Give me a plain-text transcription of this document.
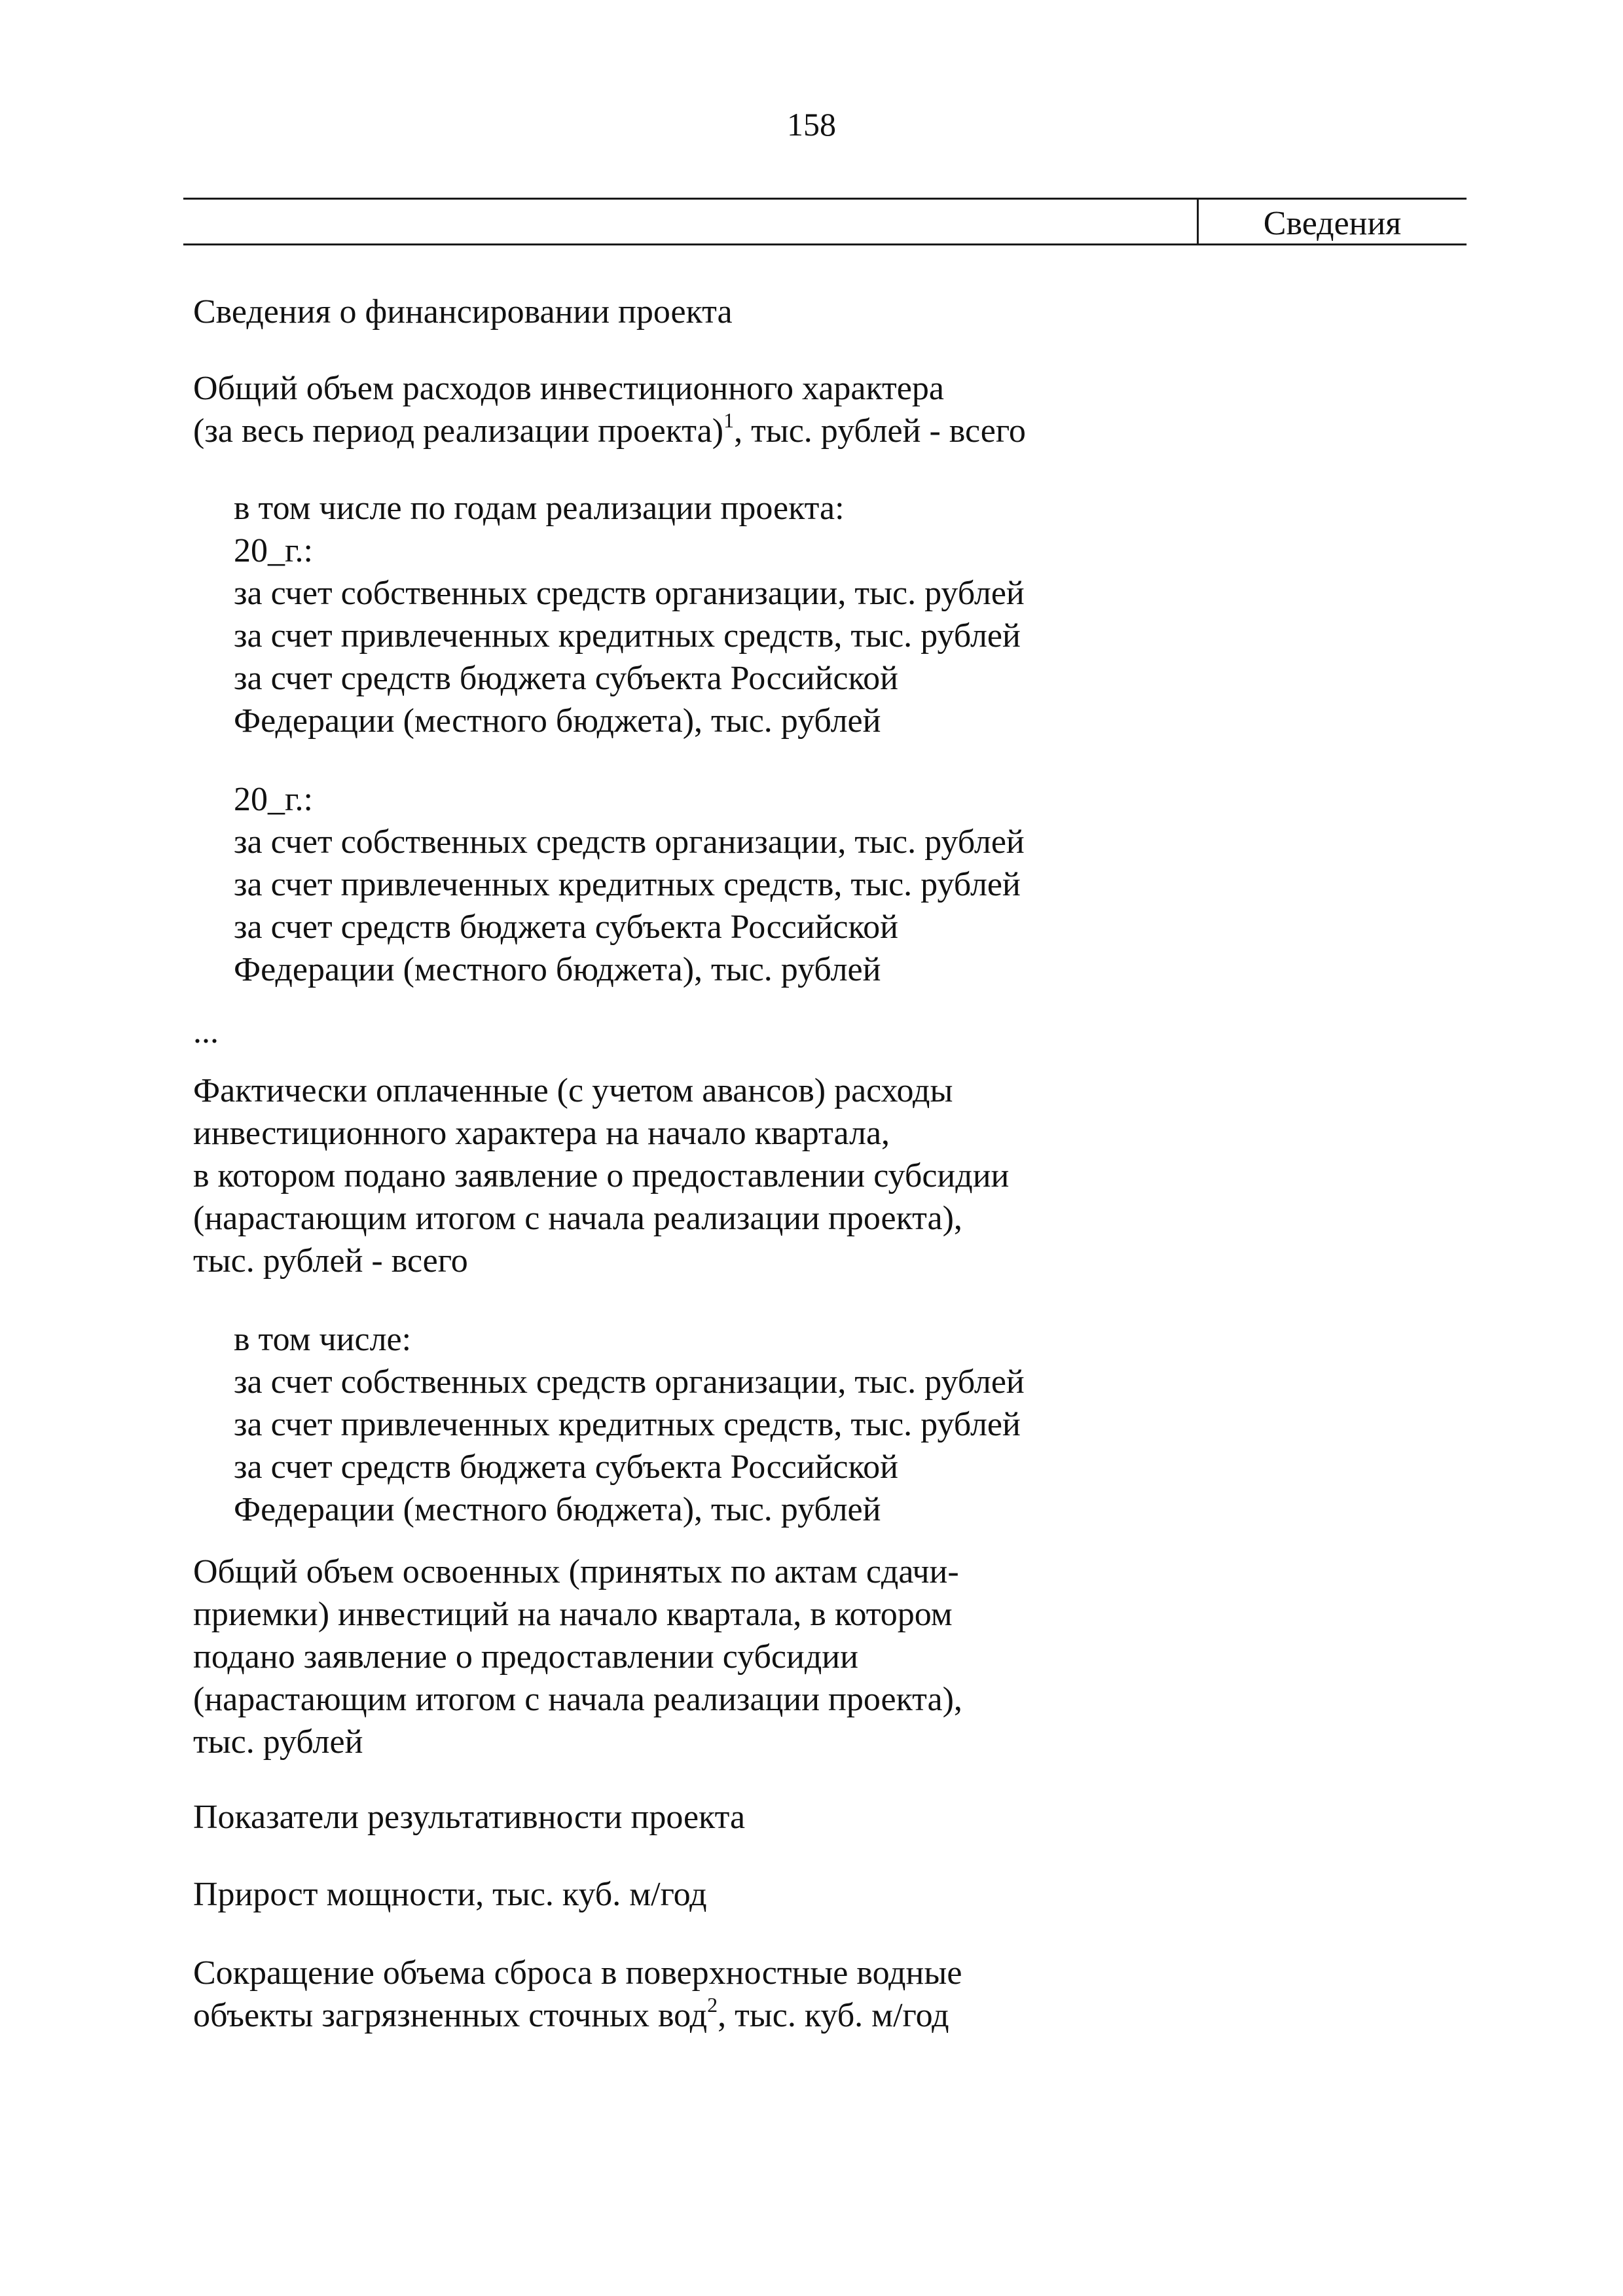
158
Сведения
Сведения о финансировании проекта
Общий объем расходов инвестиционного характера
(за весь период реализации проекта)$^1$, тыс. рублей - всего
в том числе по годам реализации проекта:
20_г.:
за счет собственных средств организации, тыс. рублей
за счет привлеченных кредитных средств, тыс. рублей
за счет средств бюджета субъекта Российской
Федерации (местного бюджета), тыс. рублей
20_г.:
за счет собственных средств организации, тыс. рублей
за счет привлеченных кредитных средств, тыс. рублей
за счет средств бюджета субъекта Российской
Федерации (местного бюджета), тыс. рублей
...
Фактически оплаченные (с учетом авансов) расходы
инвестиционного характера на начало квартала,
в котором подано заявление о предоставлении субсидии
(нарастающим итогом с начала реализации проекта),
тыс. рублей - всего
в том числе:
за счет собственных средств организации, тыс. рублей
за счет привлеченных кредитных средств, тыс. рублей
за счет средств бюджета субъекта Российской
Федерации (местного бюджета), тыс. рублей
Общий объем освоенных (принятых по актам сдачи-
приемки) инвестиций на начало квартала, в котором
подано заявление о предоставлении субсидии
(нарастающим итогом с начала реализации проекта),
тыс. рублей
Показатели результативности проекта
Прирост мощности, тыс. куб. м/год
Сокращение объема сброса в поверхностные водные
объекты загрязненных сточных вод$^2$, тыс. куб. м/год
